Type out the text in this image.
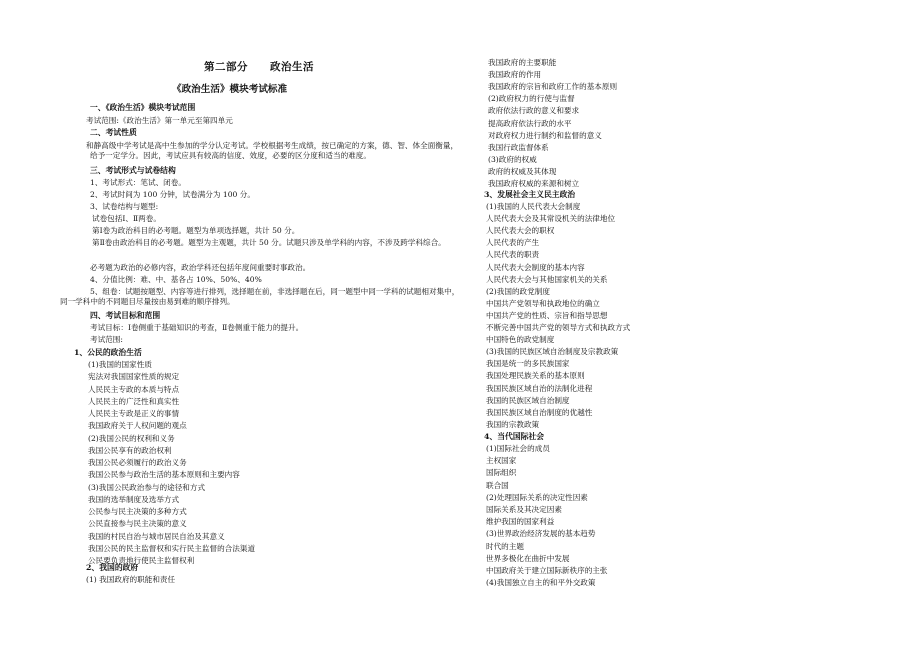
第二部分　　政治生活
《政治生活》模块考试标准
一、《政治生活》模块考试范围
考试范围:《政治生活》第一单元至第四单元
二、考试性质
和静高级中学考试是高中生参加的学分认定考试。学校根据考生成绩，按已确定的方案，德、智、体全面衡量，给予一定学分。因此，考试应具有较高的信度、效度，必要的区分度和适当的难度。
三、考试形式与试卷结构
1、考试形式：笔试、闭卷。
2、考试时间为 100 分钟，试卷满分为 100 分。
3、试卷结构与题型:
试卷包括Ⅰ、Ⅱ两卷。
第Ⅰ卷为政治科目的必考题。题型为单项选择题，共计 50 分。
第Ⅱ卷由政治科目的必考题。题型为主观题，共计 50 分。试题只涉及单学科的内容，不涉及跨学科综合。
必考题为政治的必修内容，政治学科还包括年度间重要时事政治。
4、分值比例：难、中、基各占 10%、50%、40%
5、组卷：试题按题型、内容等进行排列，选择题在前，非选择题在后，同一题型中同一学科的试题相对集中，同一学科中的不同题目尽量按由易到难的顺序排列。
四、考试目标和范围
考试目标：Ⅰ卷侧重于基础知识的考查，Ⅱ卷侧重于能力的提升。
考试范围:
1、公民的政治生活
(1)我国的国家性质
宪法对我国国家性质的规定
人民民主专政的本质与特点
人民民主的广泛性和真实性
人民民主专政是正义的事情
我国政府关于人权问题的观点
(2)我国公民的权利和义务
我国公民享有的政治权利
我国公民必须履行的政治义务
我国公民参与政治生活的基本原则和主要内容
(3)我国公民政治参与的途径和方式
我国的选举制度及选举方式
公民参与民主决策的多种方式
公民直接参与民主决策的意义
我国的村民自治与城市居民自治及其意义
我国公民的民主监督权和实行民主监督的合法渠道
公民要负责地行使民主监督权利
2、我国的政府
(1) 我国政府的职能和责任
我国政府的主要职能
我国政府的作用
我国政府的宗旨和政府工作的基本原则
(2)政府权力的行使与监督
政府依法行政的意义和要求
提高政府依法行政的水平
对政府权力进行制约和监督的意义
我国行政监督体系
(3)政府的权威
政府的权威及其体现
我国政府权威的来源和树立
3、发展社会主义民主政治
(1)我国的人民代表大会制度
人民代表大会及其常设机关的法律地位
人民代表大会的职权
人民代表的产生
人民代表的职责
人民代表大会制度的基本内容
人民代表大会与其他国家机关的关系
(2)我国的政党制度
中国共产党领导和执政地位的确立
中国共产党的性质、宗旨和指导思想
不断完善中国共产党的领导方式和执政方式
中国特色的政党制度
(3)我国的民族区域自治制度及宗教政策
我国是统一的多民族国家
我国处理民族关系的基本原则
我国民族区域自治的法制化进程
我国的民族区域自治制度
我国民族区域自治制度的优越性
我国的宗教政策
4、当代国际社会
(1)国际社会的成员
主权国家
国际组织
联合国
(2)处理国际关系的决定性因素
国际关系及其决定因素
维护我国的国家利益
(3)世界政治经济发展的基本趋势
时代的主题
世界多极化在曲折中发展
中国政府关于建立国际新秩序的主张
(4)我国独立自主的和平外交政策
